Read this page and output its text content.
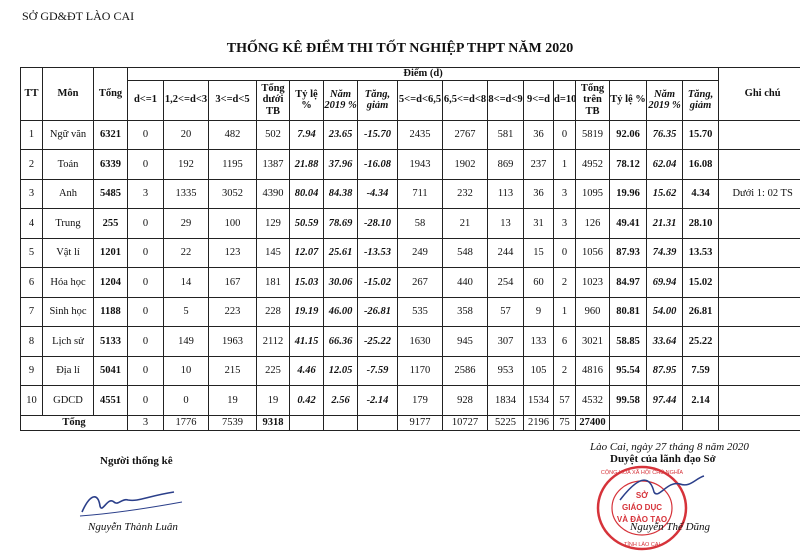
SỞ GD&ĐT LÀO CAI
THỐNG KÊ ĐIỂM THI TỐT NGHIỆP THPT NĂM 2020
TT	Môn	Tổng	Điểm (d)																Ghi chú
			d<=1	1,2<=d<3	3<=d<5	Tổng dưới TB	Tỷ lệ %	Năm 2019 %	Tăng, giảm	5<=d<6,5	6,5<=d<8	8<=d<9	9<=d	d=10	Tổng trên TB	Tỷ lệ %	Năm 2019 %	Tăng, giảm	
1	Ngữ văn	6321	0	20	482	502	7.94	23.65	-15.70	2435	2767	581	36	0	5819	92.06	76.35	15.70	
2	Toán	6339	0	192	1195	1387	21.88	37.96	-16.08	1943	1902	869	237	1	4952	78.12	62.04	16.08	
3	Anh	5485	3	1335	3052	4390	80.04	84.38	-4.34	711	232	113	36	3	1095	19.96	15.62	4.34	Dưới 1: 02 TS
4	Trung	255	0	29	100	129	50.59	78.69	-28.10	58	21	13	31	3	126	49.41	21.31	28.10	
5	Vật lí	1201	0	22	123	145	12.07	25.61	-13.53	249	548	244	15	0	1056	87.93	74.39	13.53	
6	Hóa học	1204	0	14	167	181	15.03	30.06	-15.02	267	440	254	60	2	1023	84.97	69.94	15.02	
7	Sinh học	1188	0	5	223	228	19.19	46.00	-26.81	535	358	57	9	1	960	80.81	54.00	26.81	
8	Lịch sử	5133	0	149	1963	2112	41.15	66.36	-25.22	1630	945	307	133	6	3021	58.85	33.64	25.22	
9	Địa lí	5041	0	10	215	225	4.46	12.05	-7.59	1170	2586	953	105	2	4816	95.54	87.95	7.59	
10	GDCD	4551	0	0	19	19	0.42	2.56	-2.14	179	928	1834	1534	57	4532	99.58	97.44	2.14	
Tổng			3	1776	7539	9318				9177	10727	5225	2196	75	27400				
Người thống kê
Nguyễn Thành Luân
Lào Cai, ngày 27 tháng 8 năm 2020
Duyệt của lãnh đạo Sở
SỞ
GIÁO DỤC
VÀ ĐÀO TẠO
CỘNG HÒA XÃ HỘI CHỦ NGHĨA
TỈNH LÀO CAI
Nguyễn Thế Dũng
